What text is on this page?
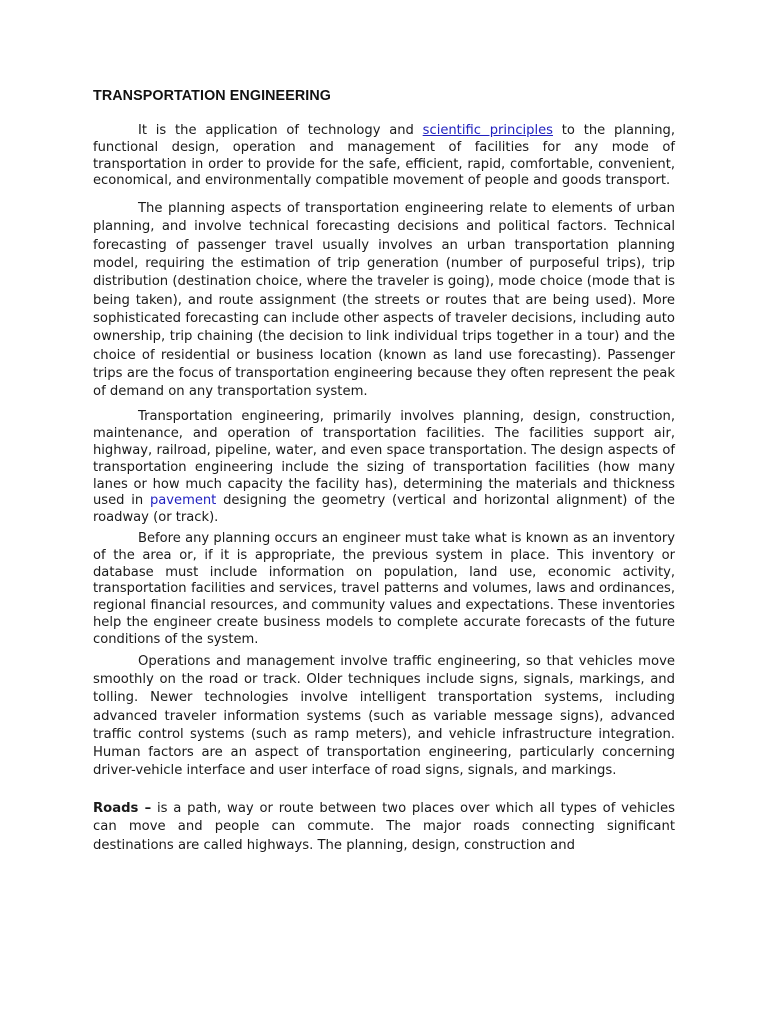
TRANSPORTATION ENGINEERING

It is the application of technology and scientific principles to the planning, functional design, operation and management of facilities for any mode of transportation in order to provide for the safe, efficient, rapid, comfortable, convenient, economical, and environmentally compatible movement of people and goods transport.

The planning aspects of transportation engineering relate to elements of urban planning, and involve technical forecasting decisions and political factors. Technical forecasting of passenger travel usually involves an urban transportation planning model, requiring the estimation of trip generation (number of purposeful trips), trip distribution (destination choice, where the traveler is going), mode choice (mode that is being taken), and route assignment (the streets or routes that are being used). More sophisticated forecasting can include other aspects of traveler decisions, including auto ownership, trip chaining (the decision to link individual trips together in a tour) and the choice of residential or business location (known as land use forecasting). Passenger trips are the focus of transportation engineering because they often represent the peak of demand on any transportation system.

Transportation engineering, primarily involves planning, design, construction, maintenance, and operation of transportation facilities. The facilities support air, highway, railroad, pipeline, water, and even space transportation. The design aspects of transportation engineering include the sizing of transportation facilities (how many lanes or how much capacity the facility has), determining the materials and thickness used in pavement designing the geometry (vertical and horizontal alignment) of the roadway (or track).

Before any planning occurs an engineer must take what is known as an inventory of the area or, if it is appropriate, the previous system in place. This inventory or database must include information on population, land use, economic activity, transportation facilities and services, travel patterns and volumes, laws and ordinances, regional financial resources, and community values and expectations. These inventories help the engineer create business models to complete accurate forecasts of the future conditions of the system.

Operations and management involve traffic engineering, so that vehicles move smoothly on the road or track. Older techniques include signs, signals, markings, and tolling. Newer technologies involve intelligent transportation systems, including advanced traveler information systems (such as variable message signs), advanced traffic control systems (such as ramp meters), and vehicle infrastructure integration. Human factors are an aspect of transportation engineering, particularly concerning driver-vehicle interface and user interface of road signs, signals, and markings.

Roads – is a path, way or route between two places over which all types of vehicles can move and people can commute. The major roads connecting significant destinations are called highways. The planning, design, construction and
